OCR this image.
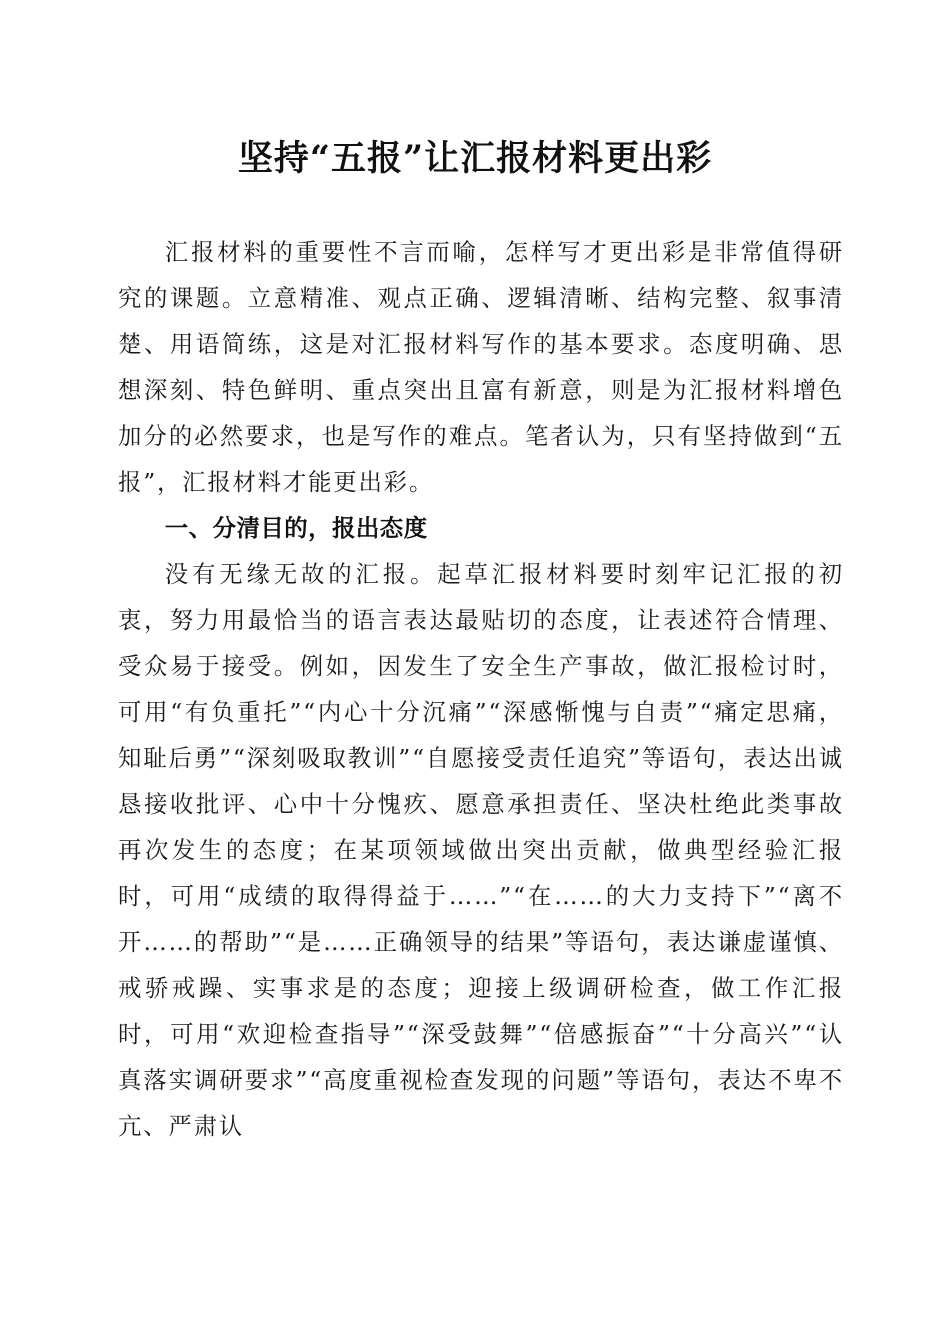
坚持“五报”让汇报材料更出彩

汇报材料的重要性不言而喻，怎样写才更出彩是非常值得研究的课题。立意精准、观点正确、逻辑清晰、结构完整、叙事清楚、用语简练，这是对汇报材料写作的基本要求。态度明确、思想深刻、特色鲜明、重点突出且富有新意，则是为汇报材料增色加分的必然要求，也是写作的难点。笔者认为，只有坚持做到“五报”，汇报材料才能更出彩。

一、分清目的，报出态度

没有无缘无故的汇报。起草汇报材料要时刻牢记汇报的初衷，努力用最恰当的语言表达最贴切的态度，让表述符合情理、受众易于接受。例如，因发生了安全生产事故，做汇报检讨时，可用“有负重托”“内心十分沉痛”“深感惭愧与自责”“痛定思痛，知耻后勇”“深刻吸取教训”“自愿接受责任追究”等语句，表达出诚恳接收批评、心中十分愧疚、愿意承担责任、坚决杜绝此类事故再次发生的态度；在某项领域做出突出贡献，做典型经验汇报时，可用“成绩的取得得益于……”“在……的大力支持下”“离不开……的帮助”“是……正确领导的结果”等语句，表达谦虚谨慎、戒骄戒躁、实事求是的态度；迎接上级调研检查，做工作汇报时，可用“欢迎检查指导”“深受鼓舞”“倍感振奋”“十分高兴”“认真落实调研要求”“高度重视检查发现的问题”等语句，表达不卑不亢、严肃认
